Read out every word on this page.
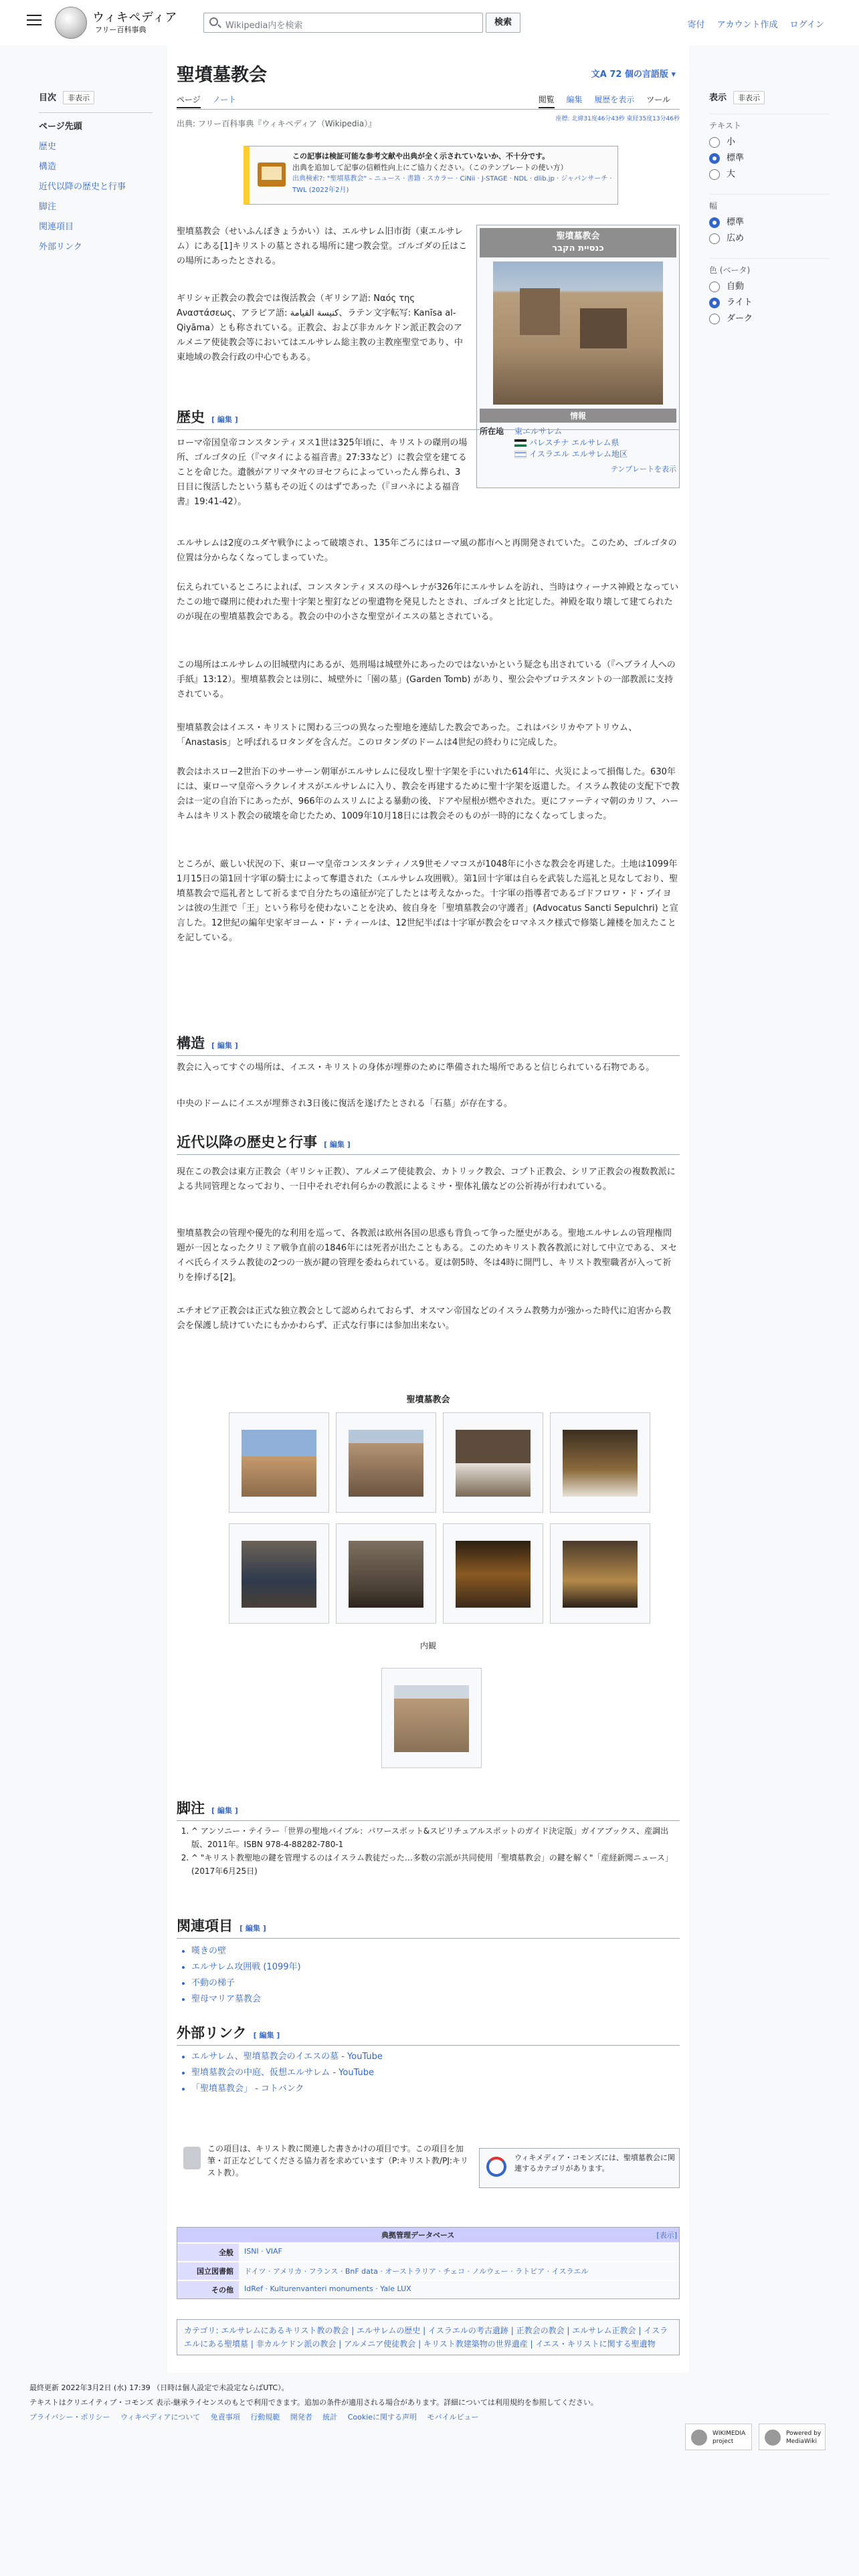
ウィキペディア
フリー百科事典	Wikipedia内を検索	検索	寄付 アカウント作成 ログイン
目次 非表示
ページ先頭
歴史
構造
近代以降の歴史と行事
脚注
関連項目
外部リンク
表示 非表示
テキスト
小
標準
大
幅
標準
広め
色 (ベータ)
自動
ライト
ダーク
聖墳墓教会	文A 72 個の言語版 ▾
ページ ノート	閲覧 編集 履歴を表示 ツール
出典: フリー百科事典『ウィキペディア（Wikipedia）』	座標: 北緯31度46分43秒 東経35度13分46秒
この記事は検証可能な参考文献や出典が全く示されていないか、不十分です。
出典を追加して記事の信頼性向上にご協力ください。（このテンプレートの使い方）
出典検索?: "聖墳墓教会" – ニュース · 書籍 · スカラー · CiNii · J-STAGE · NDL · dlib.jp · ジャパンサーチ · TWL (2022年2月)
聖墳墓教会
כנסיית הקבר
情報
所在地	東エルサレム
パレスチナ エルサレム県
イスラエル エルサレム地区
テンプレートを表示

聖墳墓教会（せいふんぼきょうかい）は、エルサレム旧市街（東エルサレム）にある[1]キリストの墓とされる場所に建つ教会堂。ゴルゴダの丘はこの場所にあったとされる。

ギリシャ正教会の教会では復活教会（ギリシア語: Ναός της Αναστάσεως、アラビア語: كنيسة القيامة、ラテン文字転写: Kanīsa al-Qiyāma）とも称されている。正教会、および非カルケドン派正教会のアルメニア使徒教会等においてはエルサレム総主教の主教座聖堂であり、中東地域の教会行政の中心でもある。

歴史 [ 編集 ]

ローマ帝国皇帝コンスタンティヌス1世は325年頃に、キリストの磔刑の場所、ゴルゴタの丘（『マタイによる福音書』27:33など）に教会堂を建てることを命じた。遺骸がアリマタヤのヨセフらによっていったん葬られ、3日目に復活したという墓もその近くのはずであった（『ヨハネによる福音書』19:41-42）。

エルサレムは2度のユダヤ戦争によって破壊され、135年ごろにはローマ風の都市へと再開発されていた。このため、ゴルゴタの位置は分からなくなってしまっていた。

伝えられているところによれば、コンスタンティヌスの母ヘレナが326年にエルサレムを訪れ、当時はウィーナス神殿となっていたこの地で磔刑に使われた聖十字架と聖釘などの聖遺物を発見したとされ、ゴルゴタと比定した。神殿を取り壊して建てられたのが現在の聖墳墓教会である。教会の中の小さな聖堂がイエスの墓とされている。

この場所はエルサレムの旧城壁内にあるが、処刑場は城壁外にあったのではないかという疑念も出されている（『ヘブライ人への手紙』13:12）。聖墳墓教会とは別に、城壁外に「園の墓」(Garden Tomb) があり、聖公会やプロテスタントの一部教派に支持されている。

聖墳墓教会はイエス・キリストに関わる三つの異なった聖地を連結した教会であった。これはバシリカやアトリウム、「Anastasis」と呼ばれるロタンダを含んだ。このロタンダのドームは4世紀の終わりに完成した。

教会はホスロー2世治下のサーサーン朝軍がエルサレムに侵攻し聖十字架を手にいれた614年に、火災によって損傷した。630年には、東ローマ皇帝ヘラクレイオスがエルサレムに入り、教会を再建するために聖十字架を返還した。イスラム教徒の支配下で教会は一定の自治下にあったが、966年のムスリムによる暴動の後、ドアや屋根が燃やされた。更にファーティマ朝のカリフ、ハーキムはキリスト教会の破壊を命じたため、1009年10月18日には教会そのものが一時的になくなってしまった。

ところが、厳しい状況の下、東ローマ皇帝コンスタンティノス9世モノマコスが1048年に小さな教会を再建した。土地は1099年1月15日の第1回十字軍の騎士によって奪還された（エルサレム攻囲戦）。第1回十字軍は自らを武装した巡礼と見なしており、聖墳墓教会で巡礼者として祈るまで自分たちの遠征が完了したとは考えなかった。十字軍の指導者であるゴドフロワ・ド・ブイヨンは彼の生涯で「王」という称号を使わないことを決め、彼自身を「聖墳墓教会の守護者」(Advocatus Sancti Sepulchri) と宣言した。12世紀の編年史家ギヨーム・ド・ティールは、12世紀半ばは十字軍が教会をロマネスク様式で修築し鐘楼を加えたことを記している。

構造 [ 編集 ]

教会に入ってすぐの場所は、イエス・キリストの身体が埋葬のために準備された場所であると信じられている石物である。

中央のドームにイエスが埋葬され3日後に復活を遂げたとされる「石墓」が存在する。

近代以降の歴史と行事 [ 編集 ]

現在この教会は東方正教会（ギリシャ正教）、アルメニア使徒教会、カトリック教会、コプト正教会、シリア正教会の複数教派による共同管理となっており、一日中それぞれ何らかの教派によるミサ・聖体礼儀などの公祈祷が行われている。

聖墳墓教会の管理や優先的な利用を巡って、各教派は欧州各国の思惑も背負って争った歴史がある。聖地エルサレムの管理権問題が一因となったクリミア戦争直前の1846年には死者が出たこともある。このためキリスト教各教派に対して中立である、ヌセイベ氏らイスラム教徒の2つの一族が鍵の管理を委ねられている。夏は朝5時、冬は4時に開門し、キリスト教聖職者が入って祈りを捧げる[2]。

エチオピア正教会は正式な独立教会として認められておらず、オスマン帝国などのイスラム教勢力が強かった時代に迫害から教会を保護し続けていたにもかかわらず、正式な行事には参加出来ない。

聖墳墓教会
内観
脚注 [ 編集 ]
1. ^ アンソニー・テイラー「世界の聖地バイブル：パワースポット&スピリチュアルスポットのガイド決定版」ガイアブックス、産調出版、2011年。ISBN 978-4-88282-780-1
2. ^ "キリスト教聖地の鍵を管理するのはイスラム教徒だった…多数の宗派が共同使用「聖墳墓教会」の鍵を解く"「産経新聞ニュース」(2017年6月25日)
関連項目 [ 編集 ]
• 嘆きの壁
• エルサレム攻囲戦 (1099年)
• 不動の梯子
• 聖母マリア墓教会
外部リンク [ 編集 ]
• エルサレム、聖墳墓教会のイエスの墓 - YouTube
• 聖墳墓教会の中庭、仮想エルサレム - YouTube
• 「聖墳墓教会」 - コトバンク
この項目は、キリスト教に関連した書きかけの項目です。この項目を加筆・訂正などしてくださる協力者を求めています（P:キリスト教/PJ:キリスト教）。
ウィキメディア・コモンズには、聖墳墓教会に関連するカテゴリがあります。
典拠管理データベース	[表示]
全般	ISNI · VIAF
国立図書館	ドイツ · アメリカ · フランス · BnF data · オーストラリア · チェコ · ノルウェー · ラトビア · イスラエル
その他	IdRef · Kulturenvanteri monuments · Yale LUX
カテゴリ: エルサレムにあるキリスト教の教会 | エルサレムの歴史 | イスラエルの考古遺跡 | 正教会の教会 | エルサレム正教会 | イスラエルにある聖墳墓 | 非カルケドン派の教会 | アルメニア使徒教会 | キリスト教建築物の世界遺産 | イエス・キリストに関する聖遺物
最終更新 2022年3月2日 (水) 17:39 （日時は個人設定で未設定ならばUTC）。
テキストはクリエイティブ・コモンズ 表示-継承ライセンスのもとで利用できます。追加の条件が適用される場合があります。詳細については利用規約を参照してください。
プライバシー・ポリシー ウィキペディアについて 免責事項 行動規範 開発者 統計 Cookieに関する声明 モバイルビュー
WIKIMEDIA project
Powered by MediaWiki
